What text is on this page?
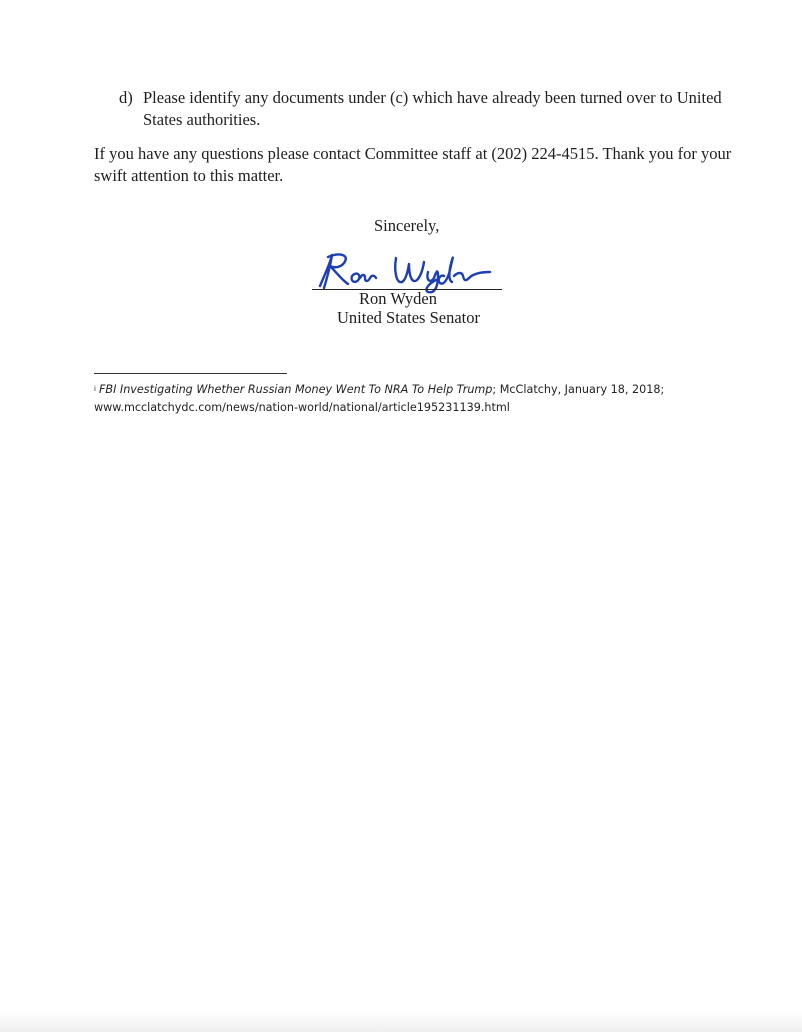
d) Please identify any documents under (c) which have already been turned over to United States authorities.
If you have any questions please contact Committee staff at (202) 224-4515. Thank you for your swift attention to this matter.
Sincerely,
Ron Wyden
United States Senator
$^i$ FBI Investigating Whether Russian Money Went To NRA To Help Trump; McClatchy, January 18, 2018;
www.mcclatchydc.com/news/nation-world/national/article195231139.html
